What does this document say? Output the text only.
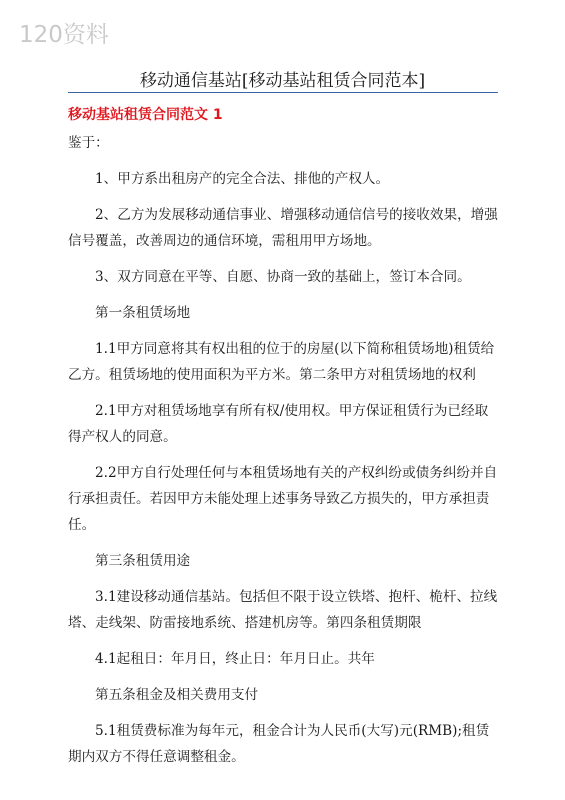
120资料
移动通信基站[移动基站租赁合同范本]
移动基站租赁合同范文 1

鉴于：

1、甲方系出租房产的完全合法、排他的产权人。

2、乙方为发展移动通信事业、增强移动通信信号的接收效果，增强信号覆盖，改善周边的通信环境，需租用甲方场地。

3、双方同意在平等、自愿、协商一致的基础上，签订本合同。

第一条租赁场地

1.1甲方同意将其有权出租的位于的房屋(以下简称租赁场地)租赁给乙方。租赁场地的使用面积为平方米。第二条甲方对租赁场地的权利

2.1甲方对租赁场地享有所有权/使用权。甲方保证租赁行为已经取得产权人的同意。

2.2甲方自行处理任何与本租赁场地有关的产权纠纷或债务纠纷并自行承担责任。若因甲方未能处理上述事务导致乙方损失的，甲方承担责任。

第三条租赁用途

3.1建设移动通信基站。包括但不限于设立铁塔、抱杆、桅杆、拉线塔、走线架、防雷接地系统、搭建机房等。第四条租赁期限

4.1起租日：年月日，终止日：年月日止。共年

第五条租金及相关费用支付

5.1租赁费标准为每年元，租金合计为人民币(大写)元(RMB);租赁期内双方不得任意调整租金。
